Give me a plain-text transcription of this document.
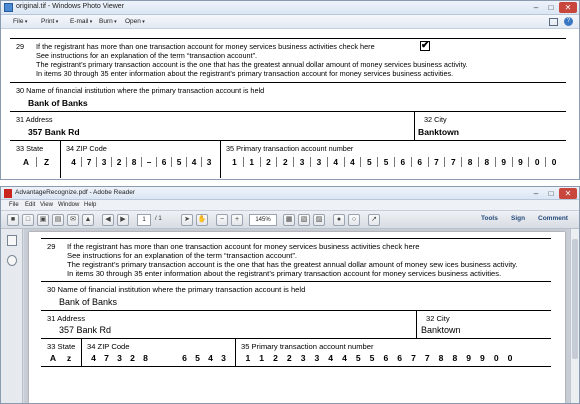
original.tif - Windows Photo Viewer	–	□	✕
File ▾	Print ▾	E-mail ▾	Burn ▾	Open ▾	?
29 If the registrant has more than one transaction account for money services business activities check here	✔
See instructions for an explanation of the term “transaction account”.
The registrant’s primary transaction account is the one that has the greatest annual dollar amount of money services business activity.
In items 30 through 35 enter information about the registrant’s primary transaction account for money services business activities.
30 Name of financial institution where the primary transaction account is held
Bank of Banks
31 Address
357 Bank Rd
32 City
Banktown
33 State	34 ZIP Code	35 Primary transaction account number
A	Z	4	7	3	2	8	–	6	5	4	3	1	1	2	2	3	3	4	4	5	5	6	6	7	7	8	8	9	9	0	0
AdvantageRecognize.pdf - Adobe Reader	–	□	✕
File Edit View Window Help
■	□	▣	▤	✉	▲	◀	▶	1	/ 1	➤	✋	−	+	145%	▦	▧	▨	●	○	↗	Tools Sign Comment
29 If the registrant has more than one transaction account for money services business activities check here
See instructions for an explanation of the term “transaction account”.
The registrant’s primary transaction account is the one that has the greatest annual dollar amount of money sew ices business activity.
In items 30 through 35 enter information about the registrant’s primary transaction account for money services business activities.
30 Name of financial institution where the primary transaction account is held
Bank of Banks
31 Address
357 Bank Rd
32 City
Banktown
33 State 34 ZIP Code	35 Primary transaction account number
A	z	4 7 3 2 8	6 5 4 3	1	1	2	2	3	3	4	4	5	5	6	6	7	7	8	8	9	9	0	0
